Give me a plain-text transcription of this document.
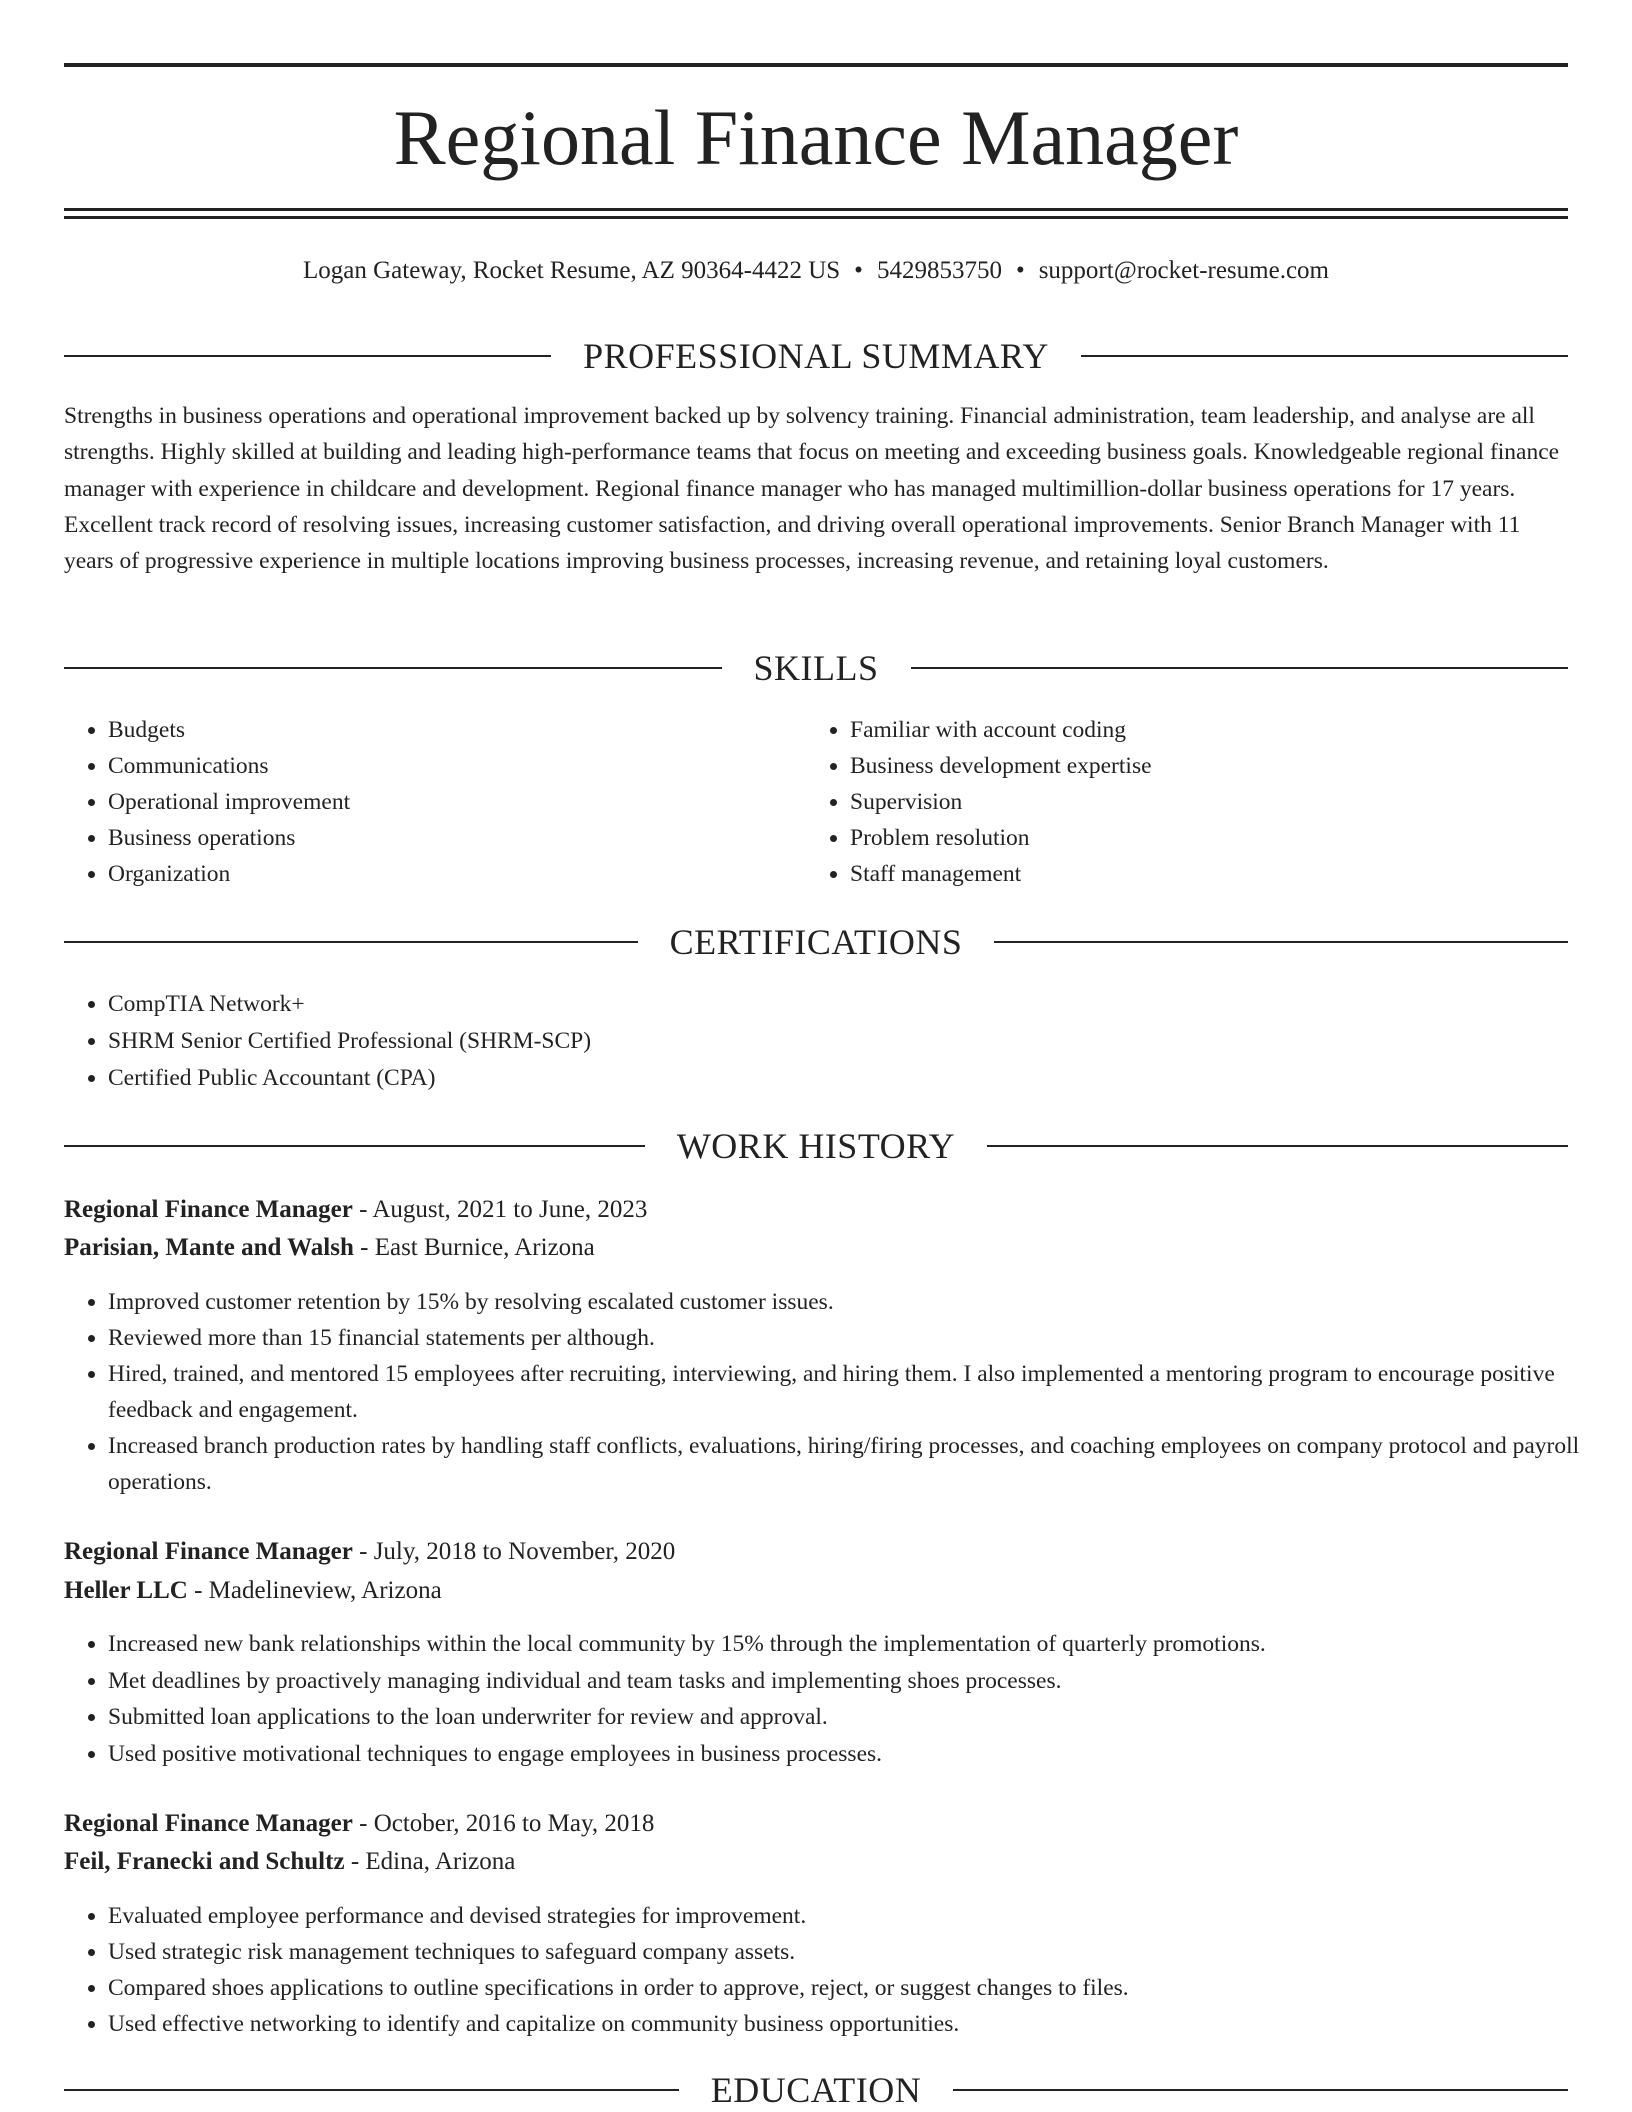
Regional Finance Manager
Logan Gateway, Rocket Resume, AZ 90364-4422 US • 5429853750 • support@rocket-resume.com
PROFESSIONAL SUMMARY

Strengths in business operations and operational improvement backed up by solvency training. Financial administration, team leadership, and analyse are all strengths. Highly skilled at building and leading high-performance teams that focus on meeting and exceeding business goals. Knowledgeable regional finance manager with experience in childcare and development. Regional finance manager who has managed multimillion-dollar business operations for 17 years. Excellent track record of resolving issues, increasing customer satisfaction, and driving overall operational improvements. Senior Branch Manager with 11 years of progressive experience in multiple locations improving business processes, increasing revenue, and retaining loyal customers.

SKILLS
• Budgets
• Communications
• Operational improvement
• Business operations
• Organization
• Familiar with account coding
• Business development expertise
• Supervision
• Problem resolution
• Staff management
CERTIFICATIONS
• CompTIA Network+
• SHRM Senior Certified Professional (SHRM-SCP)
• Certified Public Accountant (CPA)
WORK HISTORY
Regional Finance Manager - August, 2021 to June, 2023
Parisian, Mante and Walsh - East Burnice, Arizona
• Improved customer retention by 15% by resolving escalated customer issues.
• Reviewed more than 15 financial statements per although.
• Hired, trained, and mentored 15 employees after recruiting, interviewing, and hiring them. I also implemented a mentoring program to encourage positive feedback and engagement.
• Increased branch production rates by handling staff conflicts, evaluations, hiring/firing processes, and coaching employees on company protocol and payroll operations.
Regional Finance Manager - July, 2018 to November, 2020
Heller LLC - Madelineview, Arizona
• Increased new bank relationships within the local community by 15% through the implementation of quarterly promotions.
• Met deadlines by proactively managing individual and team tasks and implementing shoes processes.
• Submitted loan applications to the loan underwriter for review and approval.
• Used positive motivational techniques to engage employees in business processes.
Regional Finance Manager - October, 2016 to May, 2018
Feil, Franecki and Schultz - Edina, Arizona
• Evaluated employee performance and devised strategies for improvement.
• Used strategic risk management techniques to safeguard company assets.
• Compared shoes applications to outline specifications in order to approve, reject, or suggest changes to files.
• Used effective networking to identify and capitalize on community business opportunities.
EDUCATION
